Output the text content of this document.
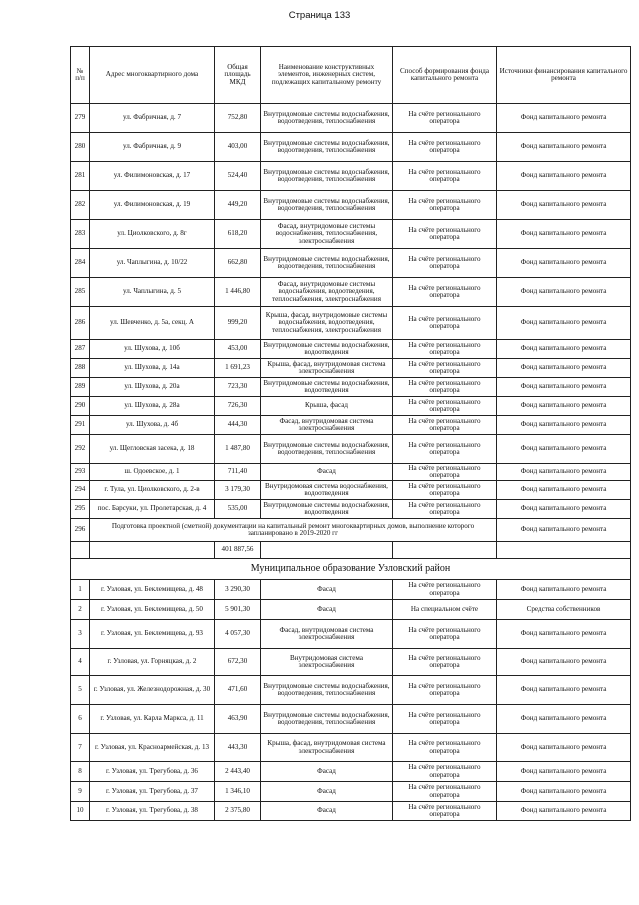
Страница 133
№ п/п	Адрес многоквартирного дома	Общая площадь МКД	Наименование конструктивных элементов, инженерных систем, подлежащих капитальному ремонту	Способ формирования фонда капитального ремонта	Источники финансирования капитального ремонта
279	ул. Фабричная, д. 7	752,80	Внутридомовые системы водоснабжения, водоотведения, теплоснабжения	На счёте регионального оператора	Фонд капитального ремонта
280	ул. Фабричная, д. 9	403,00	Внутридомовые системы водоснабжения, водоотведения, теплоснабжения	На счёте регионального оператора	Фонд капитального ремонта
281	ул. Филимоновская, д. 17	524,40	Внутридомовые системы водоснабжения, водоотведения, теплоснабжения	На счёте регионального оператора	Фонд капитального ремонта
282	ул. Филимоновская, д. 19	449,20	Внутридомовые системы водоснабжения, водоотведения, теплоснабжения	На счёте регионального оператора	Фонд капитального ремонта
283	ул. Циолковского, д. 8г	618,20	Фасад, внутридомовые системы водоснабжения, теплоснабжения, электроснабжения	На счёте регионального оператора	Фонд капитального ремонта
284	ул. Чаплыгина, д. 10/22	662,80	Внутридомовые системы водоснабжения, водоотведения, теплоснабжения	На счёте регионального оператора	Фонд капитального ремонта
285	ул. Чаплыгина, д. 5	1 446,80	Фасад, внутридомовые системы водоснабжения, водоотведения, теплоснабжения, электроснабжения	На счёте регионального оператора	Фонд капитального ремонта
286	ул. Шевченко, д. 5а, секц. А	999,20	Крыша, фасад, внутридомовые системы водоснабжения, водоотведения, теплоснабжения, электроснабжения	На счёте регионального оператора	Фонд капитального ремонта
287	ул. Шухова, д. 10б	453,00	Внутридомовые системы водоснабжения, водоотведения	На счёте регионального оператора	Фонд капитального ремонта
288	ул. Шухова, д. 14а	1 691,23	Крыша, фасад, внутридомовая система электроснабжения	На счёте регионального оператора	Фонд капитального ремонта
289	ул. Шухова, д. 20а	723,30	Внутридомовые системы водоснабжения, водоотведения	На счёте регионального оператора	Фонд капитального ремонта
290	ул. Шухова, д. 28а	726,30	Крыша, фасад	На счёте регионального оператора	Фонд капитального ремонта
291	ул. Шухова, д. 4б	444,30	Фасад, внутридомовая система электроснабжения	На счёте регионального оператора	Фонд капитального ремонта
292	ул. Щегловская засека, д. 18	1 487,80	Внутридомовые системы водоснабжения, водоотведения, теплоснабжения	На счёте регионального оператора	Фонд капитального ремонта
293	ш. Одоевское, д. 1	711,40	Фасад	На счёте регионального оператора	Фонд капитального ремонта
294	г. Тула, ул. Циолковского, д. 2-в	3 179,30	Внутридомовая система водоснабжения, водоотведения	На счёте регионального оператора	Фонд капитального ремонта
295	пос. Барсуки, ул. Пролетарская, д. 4	535,00	Внутридомовые системы водоснабжения, водоотведения	На счёте регионального оператора	Фонд капитального ремонта
296	Подготовка проектной (сметной) документации на капитальный ремонт многоквартирных домов, выполнение которого запланировано в 2019-2020 гг				Фонд капитального ремонта
		401 887,56			
Муниципальное образование Узловский район					
1	г. Узловая, ул. Беклемищева, д. 48	3 290,30	Фасад	На счёте регионального оператора	Фонд капитального ремонта
2	г. Узловая, ул. Беклемищева, д. 50	5 901,30	Фасад	На специальном счёте	Средства собственников
3	г. Узловая, ул. Беклемищева, д. 93	4 057,30	Фасад, внутридомовая система электроснабжения	На счёте регионального оператора	Фонд капитального ремонта
4	г. Узловая, ул. Горняцкая, д. 2	672,30	Внутридомовая система электроснабжения	На счёте регионального оператора	Фонд капитального ремонта
5	г. Узловая, ул. Железнодорожная, д. 30	471,60	Внутридомовые системы водоснабжения, водоотведения, теплоснабжения	На счёте регионального оператора	Фонд капитального ремонта
6	г. Узловая, ул. Карла Маркса, д. 11	463,90	Внутридомовые системы водоснабжения, водоотведения, теплоснабжения	На счёте регионального оператора	Фонд капитального ремонта
7	г. Узловая, ул. Красноармейская, д. 13	443,30	Крыша, фасад, внутридомовая система электроснабжения	На счёте регионального оператора	Фонд капитального ремонта
8	г. Узловая, ул. Трегубова, д. 36	2 443,40	Фасад	На счёте регионального оператора	Фонд капитального ремонта
9	г. Узловая, ул. Трегубова, д. 37	1 346,10	Фасад	На счёте регионального оператора	Фонд капитального ремонта
10	г. Узловая, ул. Трегубова, д. 38	2 375,80	Фасад	На счёте регионального оператора	Фонд капитального ремонта
